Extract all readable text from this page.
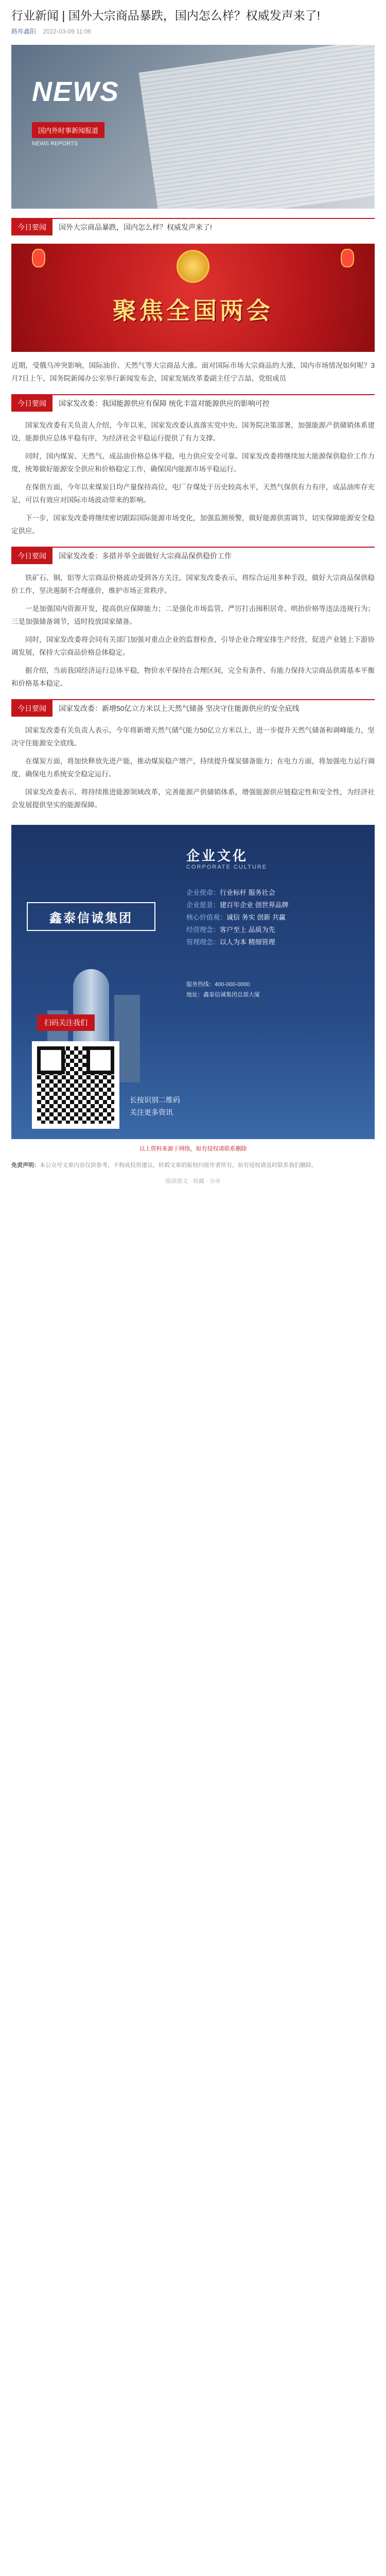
行业新闻 | 国外大宗商品暴跌，国内怎么样？权威发声来了!
路库鑫阳 2022-03-09 11:06
NEWS
国内外时事新闻报道
NEWS REPORTS
今日要闻	国外大宗商品暴跌，国内怎么样？权威发声来了!
聚焦全国两会

近期，受俄乌冲突影响，国际油价、天然气等大宗商品大涨。面对国际市场大宗商品的大涨，国内市场情况如何呢？3月7日上午，国务院新闻办公室举行新闻发布会，国家发展改革委副主任宁吉喆、党组成员

今日要闻	国家发改委：我国能源供应有保障 统化丰富对能源供应的影响可控

国家发改委有关负责人介绍，今年以来，国家发改委认真落实党中央、国务院决策部署，加强能源产供储销体系建设，能源供应总体平稳有序，为经济社会平稳运行提供了有力支撑。

同时，国内煤炭、天然气、成品油价格总体平稳，电力供应安全可靠。国家发改委将继续加大能源保供稳价工作力度，统筹做好能源安全供应和价格稳定工作，确保国内能源市场平稳运行。

在保供方面，今年以来煤炭日均产量保持高位，电厂存煤处于历史较高水平，天然气保供有力有序，成品油库存充足，可以有效应对国际市场波动带来的影响。

下一步，国家发改委将继续密切跟踪国际能源市场变化，加强监测预警，做好能源供需调节，切实保障能源安全稳定供应。

今日要闻	国家发改委：多措并举全面做好大宗商品保供稳价工作

铁矿石、铜、铝等大宗商品价格波动受到各方关注。国家发改委表示，将综合运用多种手段，做好大宗商品保供稳价工作，坚决遏制不合理涨价，维护市场正常秩序。

一是加强国内资源开发，提高供应保障能力；二是强化市场监管，严厉打击囤积居奇、哄抬价格等违法违规行为；三是加强储备调节，适时投放国家储备。

同时，国家发改委将会同有关部门加强对重点企业的监督检查，引导企业合理安排生产经营，促进产业链上下游协调发展，保持大宗商品价格总体稳定。

据介绍，当前我国经济运行总体平稳，物价水平保持在合理区间，完全有条件、有能力保持大宗商品供需基本平衡和价格基本稳定。

今日要闻	国家发改委：新增50亿立方米以上天然气储备 坚决守住能源供应的安全底线

国家发改委有关负责人表示，今年将新增天然气储气能力50亿立方米以上，进一步提升天然气储备和调峰能力，坚决守住能源安全底线。

在煤炭方面，将加快释放先进产能，推动煤炭稳产增产，持续提升煤炭储备能力；在电力方面，将加强电力运行调度，确保电力系统安全稳定运行。

国家发改委表示，将持续推进能源领域改革，完善能源产供储销体系，增强能源供应链稳定性和安全性，为经济社会发展提供坚实的能源保障。

企业文化
CORPORATE CULTURE
鑫泰信诚集团
企业使命：行业标杆 服务社会
企业愿景：建百年企业 创世界品牌
核心价值观：诚信 务实 创新 共赢
经营理念：客户至上 品质为先
管理理念：以人为本 精细管理
服务热线：400-000-0000
地址：鑫泰信诚集团总部大厦
扫码关注我们
长按识别二维码
关注更多资讯
以上资料来源于网络，如有侵权请联系删除
免责声明：本公众号文章内容仅供参考，不构成投资建议。转载文章的版权归原作者所有，如有侵权请及时联系我们删除。
阅读原文 · 收藏 · 分享
